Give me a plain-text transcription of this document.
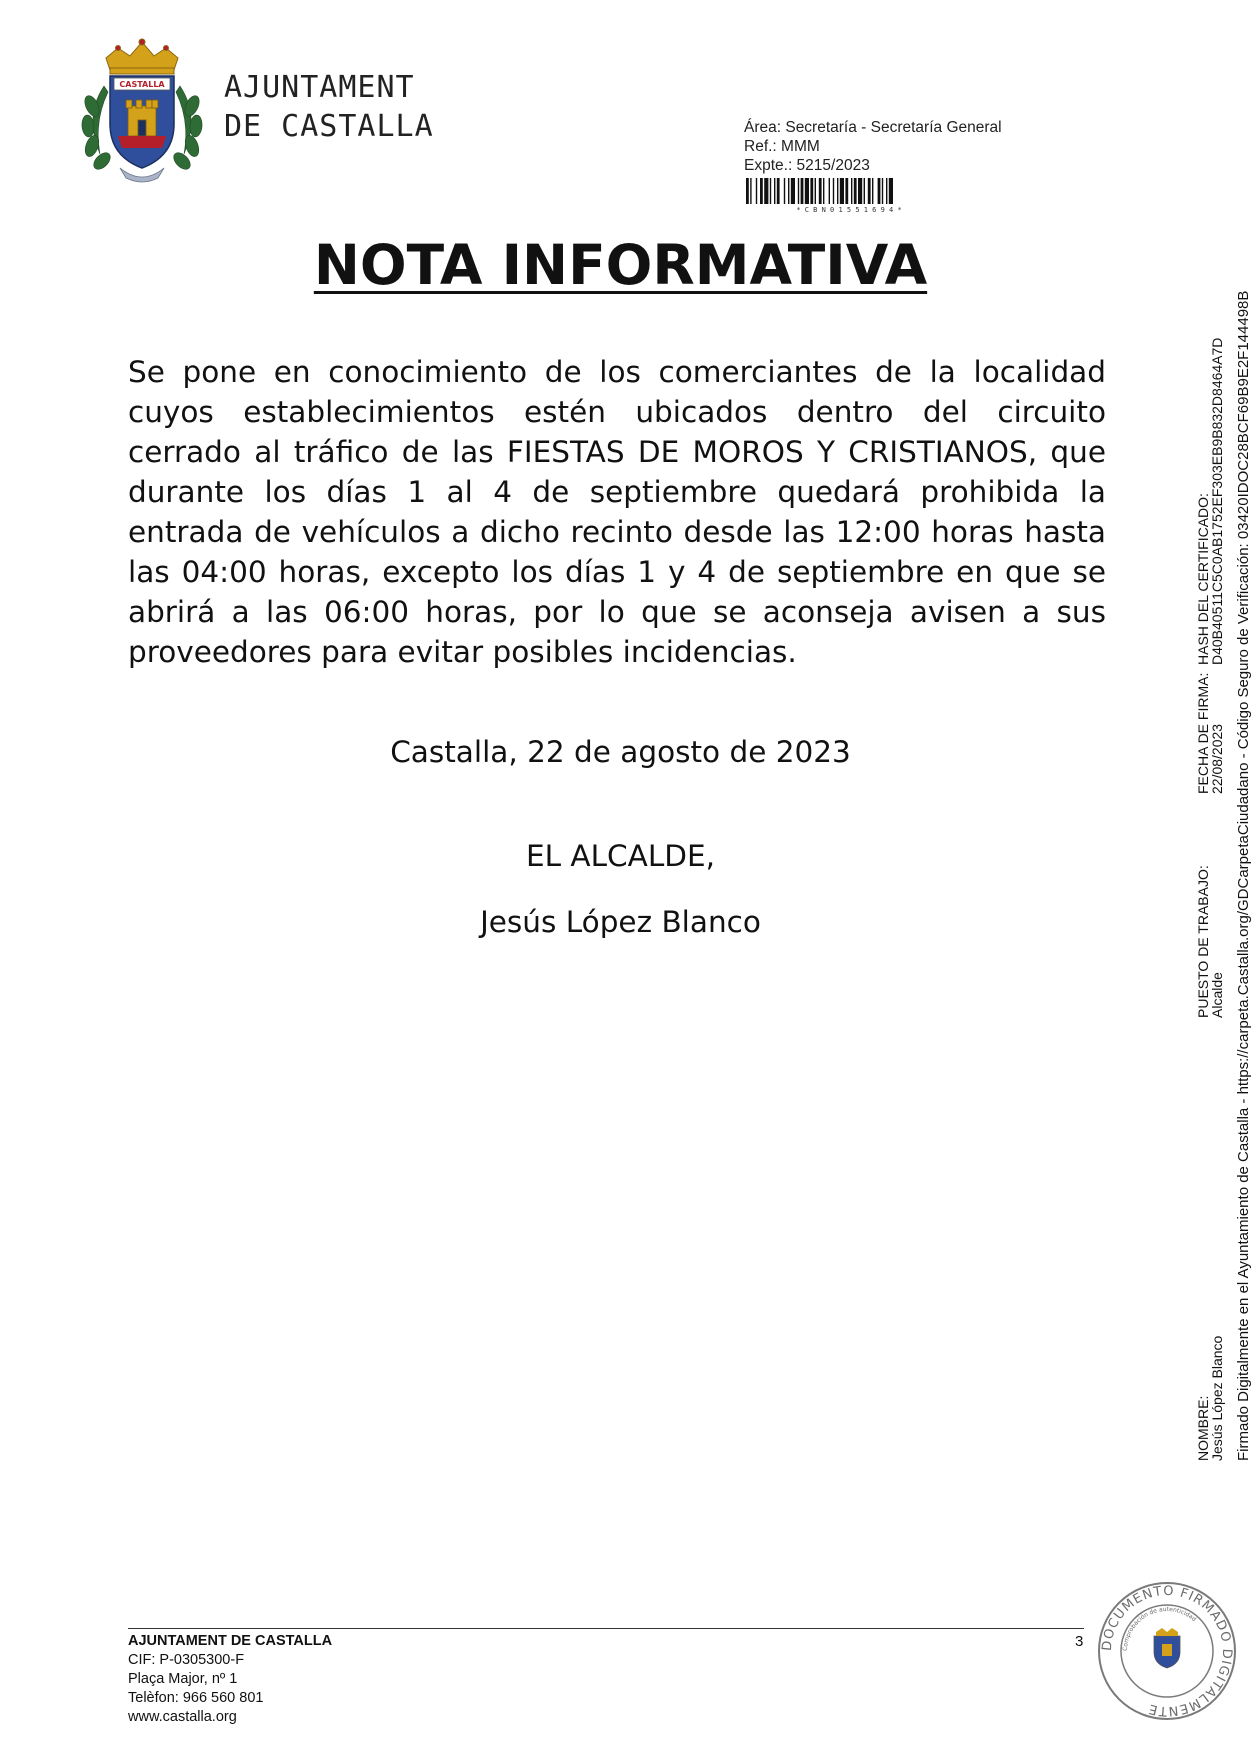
CASTALLA AJUNTAMENT
DE CASTALLA	Área: Secretaría - Secretaría General
Ref.: MMM
Expte.: 5215/2023
* C B N 0 1 5 5 1 6 9 4 *
NOTA INFORMATIVA
Se pone en conocimiento de los comerciantes de la localidad cuyos establecimientos estén ubicados dentro del circuito cerrado al tráfico de las FIESTAS DE MOROS Y CRISTIANOS, que durante los días 1 al 4 de septiembre quedará prohibida la entrada de vehículos a dicho recinto desde las 12:00 horas hasta las 04:00 horas, excepto los días 1 y 4 de septiembre en que se abrirá a las 06:00 horas, por lo que se aconseja avisen a sus proveedores para evitar posibles incidencias.
Castalla, 22 de agosto de 2023
EL ALCALDE,
Jesús López Blanco
NOMBRE:
Jesús López Blanco
PUESTO DE TRABAJO:
Alcalde
FECHA DE FIRMA:
22/08/2023
HASH DEL CERTIFICADO:
D40B40511C5C0AB1752EF303EB9B832D8464A7D Firmado Digitalmente en el Ayuntamiento de Castalla - https://carpeta.Castalla.org/GDCarpetaCiudadano - Código Seguro de Verificación: 03420IDOC28BCF69B9E2F144498B
AJUNTAMENT DE CASTALLA
CIF: P-0305300-F
Plaça Major, nº 1
Telèfon: 966 560 801
www.castalla.org
3 DOCUMENTO FIRMADO DIGITALMENTE
Comprobación de autenticidad
